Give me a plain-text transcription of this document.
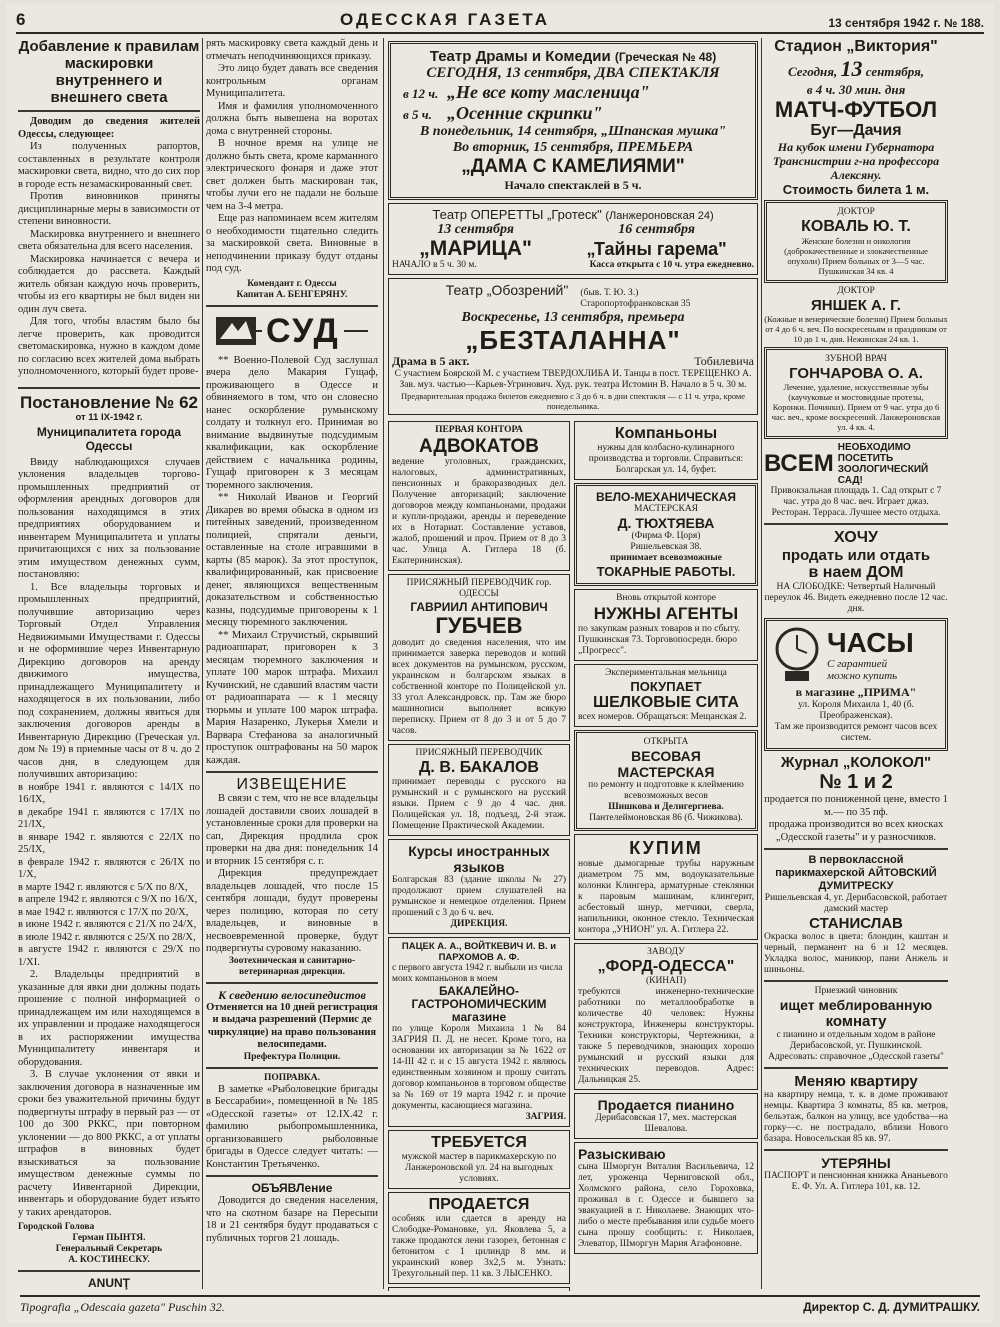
6	ОДЕССКАЯ ГАЗЕТА	13 сентября 1942 г. № 188.
Добавление к правилам маскировки внутреннего и внешнего света

Доводим до сведения жителей Одессы, следующее:

Из полученных рапортов, составленных в результате контроля маскировки света, видно, что до сих пор в городе есть незамаскированный свет.

Против виновников приняты дисциплинарные меры в зависимости от степени виновности.

Маскировка внутреннего и внешнего света обязательна для всего населения.

Маскировка начинается с вечера и соблюдается до рассвета. Каждый житель обязан каждую ночь проверить, чтобы из его квартиры не был виден ни один луч света.

Для того, чтобы властям было бы легче проверить, как проводится светомаскировка, нужно в каждом доме по согласию всех жителей дома выбрать уполномоченного, который будет прове-

Постановление № 62
от 11 IX-1942 г.
Муниципалитета города Одессы

Ввиду наблюдающихся случаев уклонения владельцев торгово-промышленных предприятий от оформления арендных договоров для пользования находящимся в этих предприятиях оборудованием и инвентарем Муниципалитета и уплаты причитающихся с них за пользование этим имуществом денежных сумм, постановляю:

1. Все владельцы торговых и промышленных предприятий, получившие авторизацию через Торговый Отдел Управления Недвижимыми Имуществами г. Одессы и не оформившие через Инвентарную Дирекцию договоров на аренду движимого имущества, принадлежащего Муниципалитету и находящегося в их пользовании, либо под сохранением, должны явиться для заключения договоров аренды в Инвентарную Дирекцию (Греческая ул. дом № 19) в приемные часы от 8 ч. до 2 часов дня, в следующем для получивших авторизацию:

в ноябре 1941 г. являются с 14/IX по 16/IX,

в декабре 1941 г. являются с 17/IX по 21/IX,

в январе 1942 г. являются с 22/IX по 25/IX,

в феврале 1942 г. являются с 26/IX по 1/X,

в марте 1942 г. являются с 5/X по 8/X,

в апреле 1942 г. являются с 9/X по 16/X,

в мае 1942 г. являются с 17/X по 20/X,

в июне 1942 г. являются с 21/X по 24/X,

в июле 1942 г. являются с 25/X по 28/X,

в августе 1942 г. являются с 29/X по 1/XI.

2. Владельцы предприятий в указанные для явки дни должны подать прошение с полной информацией о принадлежащем им или находящемся в их управлении и продаже находящегося в их распоряжении имущества Муниципалитету инвентаря и оборудования.

3. В случае уклонения от явки и заключения договора в назначенные им сроки без уважительной причины будут подвергнуты штрафу в первый раз — от 100 до 300 РККС, при повторном уклонении — до 800 РККС, а от уплаты штрафов в виновных будет взыскиваться за пользование имуществом денежные суммы по расчету Инвентарной Дирекции, инвентарь и оборудование будет изъято у таких арендаторов.

Городской Голова
Герман ПЫНТЯ.
Генеральный Секретарь
А. КОСТИНЕСКУ.
ANUNŢ

рять маскировку света каждый день и отмечать неподчиняющихся приказу.

Это лицо будет давать все сведения контрольным органам Муниципалитета.

Имя и фамилия уполномоченного должна быть вывешена на воротах дома с внутренней стороны.

В ночное время на улице не должно быть света, кроме карманного электрического фонаря и даже этот свет должен быть маскирован так, чтобы лучи его не падали не больше чем на 3-4 метра.

Еще раз напоминаем всем жителям о необходимости тщательно следить за маскировкой света. Виновные в неподчинении приказу будут отданы под суд.

Комендант г. Одессы
Капитан А. БЕНГЕРЯНУ.
СУД

** Военно-Полевой Суд заслушал вчера дело Макария Гущаф, проживающего в Одессе и обвиняемого в том, что он словесно нанес оскорбление румынскому солдату и толкнул его. Принимая во внимание выдвинутые подсудимым квалификации, как оскорбление действием с начальника родины, Гущаф приговорен к 3 месяцам тюремного заключения.

** Николай Иванов и Георгий Дикарев во время обыска в одном из питейных заведений, произведенном полицией, спрятали деньги, оставленные на столе игравшими в карты (85 марок). За этот проступок, квалифицированный, как присвоение денег, являющихся вещественным доказательством и собственностью казны, подсудимые приговорены к 1 месяцу тюремного заключения.

** Михаил Стручистый, скрывший радиоаппарат, приговорен к 3 месяцам тюремного заключения и уплате 100 марок штрафа. Михаил Кучинский, не сдавший властям части от радиоаппарата — к 1 месяцу тюрьмы и уплате 100 марок штрафа. Мария Назаренко, Лукерья Хмели и Варвара Стефанова за аналогичный проступок оштрафованы на 50 марок каждая.

ИЗВЕЩЕНИЕ

В связи с тем, что не все владельцы лошадей доставили своих лошадей в установленные сроки для проверки на сап, Дирекция продлила срок проверки на два дня: понедельник 14 и вторник 15 сентября с. г.

Дирекция предупреждает владельцев лошадей, что после 15 сентября лошади, будут проверены через полицию, которая по сету владельцев, и виновные в несвоевременной проверке, будут подвергнуты суровому наказанию.

Зоотехническая и санитарно-ветеринарная дирекция.
К сведению велосипедистов

Отменяется на 10 дней регистрация и выдача разрешений (Пермис де чиркуляцие) на право пользования велосипедами.

Префектура Полиции.
ПОПРАВКА.

В заметке «Рыболовецкие бригады в Бессарабии», помещенной в № 185 «Одесской газеты» от 12.IX.42 г. фамилию рыбопромышленника, организовавшего рыболовные бригады в Одессе следует читать: — Константин Третьяченко.

ОБЪЯВЛение

Доводится до сведения населения, что на скотном базаре на Пересыпи 18 и 21 сентября будут продаваться с публичных торгов 21 лошадь.

Театр Драмы и Комедии (Греческая № 48)
СЕГОДНЯ, 13 сентября, ДВА СПЕКТАКЛЯ
в 12 ч. „Не все коту масленица"
в 5 ч. „Осенние скрипки"
В понедельник, 14 сентября, „Шпанская мушка"
Во вторник, 15 сентября, ПРЕМЬЕРА
„ДАМА С КАМЕЛИЯМИ"
Начало спектаклей в 5 ч.
Театр ОПЕРЕТТЫ „Гротеск" (Ланжероновская 24)
13 сентября
„МАРИЦА"
16 сентября
„Тайны гарема"
НАЧАЛО в 5 ч. 30 м.	Касса открыта с 10 ч. утра ежедневно.
Театр „Обозрений" (быв. Т. Ю. З.) Старопортофранковская 35
Воскресенье, 13 сентября, премьера
„БЕЗТАЛАННА"
Драма в 5 акт.	Тобилевича

С участием Боярской М. с участием ТВЕРДОХЛИБА И. Танцы в пост. ТЕРЕЩЕНКО А. Зав. муз. частью—Карьев-Угринович. Худ. рук. театра Истомин В. Начало в 5 ч. 30 м.

Предварительная продажа билетов ежедневно с 3 до 6 ч. в дни спектакля — с 11 ч. утра, кроме понедельника.

ПЕРВАЯ КОНТОРА
АДВОКАТОВ

ведение уголовных, гражданских, налоговых, административных, пенсионных и бракоразводных дел. Получение авторизаций; заключение договоров между компаньонами, продажи и купли-продажи, аренды и переведение их в Нотариат. Составление уставов, жалоб, прошений и проч. Прием от 8 до 3 час. Улица А. Гитлера 18 (б. Екатерининская).

ПРИСЯЖНЫЙ ПЕРЕВОДЧИК гор. ОДЕССЫ
ГАВРИИЛ АНТИПОВИЧ
ГУБЧЕВ

доводит до сведения населения, что им принимается заверка переводов и копий всех документов на румынском, русском, украинском и болгарском языках в собственной конторе по Полицейской ул. 33 угол Александровск. пр. Там же бюро машинописи выполняет всякую переписку. Прием от 8 до 3 и от 5 до 7 часов.

ПРИСЯЖНЫЙ ПЕРЕВОДЧИК
Д. В. БАКАЛОВ

принимает переводы с русского на румынский и с румынского на русский языки. Прием с 9 до 4 час. дня. Полицейская ул. 18, подъезд, 2-й этаж. Помещение Практической Академии.

Курсы иностранных языков

Болгарская 83 (здание школы № 27) продолжают прием слушателей на румынское и немецкое отделения. Прием прошений с 3 до 6 ч. веч.

ДИРЕКЦИЯ.
ПАЦЕК А. А., ВОЙТКЕВИЧ И. В. и ПАРХОМОВ А. Ф.

с первого августа 1942 г. выбыли из числа моих компаньонов в моем

БАКАЛЕЙНО-ГАСТРОНОМИЧЕСКИМ магазине

по улице Короля Михаила 1 № 84 ЗАГРИЯ П. Д. не несет. Кроме того, на основании их авторизации за № 1622 от 14-III 42 г. и с 15 августа 1942 г. являюсь единственным хозяином и прошу считать договор компаньонов в торговом обществе за № 169 от 19 марта 1942 г. и прочие документы, касающиеся магазина.

ЗАГРИЯ.
ТРЕБУЕТСЯ

мужской мастер в парикмахерскую по Ланжероновской ул. 24 на выгодных условиях.

ПРОДАЕТСЯ

особняк или сдается в аренду на Слободке-Романовке, ул. Яковлева 5, а также продаются лени газорез, бетонная с бетонитом с 1 цилиндр 8 мм. и украинский ковер 3х2,5 м. Узнать: Трехугольный пер. 11 кв. 3 ЛЫСЕНКО.

Компаньоны

нужны для колбасно-кулинарного производства и торговли. Справиться: Болгарская ул. 14, буфет.

ВЕЛО-МЕХАНИЧЕСКАЯ
МАСТЕРСКАЯ
Д. ТЮХТЯЕВА
(Фирма Ф. Цоря)
Ришельевская 38.
принимает всевозможные
ТОКАРНЫЕ РАБОТЫ.
Вновь открытой конторе
НУЖНЫ АГЕНТЫ

по закупкам разных товаров и по сбыту. Пушкинская 73. Торговопосредн. бюро „Прогресс".

Экспериментальная мельница
ПОКУПАЕТ
ШЕЛКОВЫЕ СИТА

всех номеров. Обращаться: Мещанская 2.

ОТКРЫТА
ВЕСОВАЯ МАСТЕРСКАЯ

по ремонту и подготовке к клеймению всевозможных весов

Шишкова и Делигергиева.

Пантелеймоновская 86 (б. Чижикова).

КУПИМ

новые дымогарные трубы наружным диаметром 75 мм, водоуказательные колонки Клингера, арматурные стеклянки к паровым машинам, клингерит, асбестовый шнур, метчики, сверла, напильники, оконное стекло. Техническая контора „УНИОН" ул. А. Гитлера 22.

ЗАВОДУ
„ФОРД-ОДЕССА"
(КИНАП)

требуются инженерно-технические работники по металлообработке в количестве 40 человек: Нужны конструктора, Инженеры конструкторы. Техники конструкторы, Чертежники, а также 5 переводчиков, знающих хорошо румынский и русский языки для технических переводов. Адрес: Дальницкая 25.

Продается пианино

Дерибасовская 17, мех. мастерская Шевалова.

Разыскиваю

сына Шморгун Виталия Васильевича, 12 лет, уроженца Черниговской обл., Холмского района, село Гороховка, проживал в г. Одессе и бывшего за эвакуацией в г. Николаеве. Знающих что-либо о месте пребывания или судьбе моего сына прошу сообщить: г. Николаев, Элеватор, Шморгун Мария Агафоновне.

Стадион „Виктория"
Сегодня, 13 сентября,
в 4 ч. 30 мин. дня
МАТЧ-ФУТБОЛ
Буг—Дачия

На кубок имени Губернатора Транснистрии г-на профессора Алексяну.

Стоимость билета 1 м.
ДОКТОР
КОВАЛЬ Ю. Т.

Женские болезни и онкология (доброкачественные и злокачественные опухоли) Прием больных от 3—5 час. Пушкинская 34 кв. 4

ДОКТОР
ЯНШЕК А. Г.

(Кожные и венерические болезни) Прием больных от 4 до 6 ч. веч. По воскресеньям и праздникам от 10 до 1 ч. дня. Нежинская 24 кв. 1.

ЗУБНОЙ ВРАЧ
ГОНЧАРОВА О. А.

Лечение, удаление, искусственные зубы (каучуковые и мостовидные протезы, Коронки. Починки). Прием от 9 час. утра до 6 час. веч., кроме воскресений. Ланжероновская ул. 4 кв. 4.

ВСЕМ
НЕОБХОДИМО ПОСЕТИТЬ ЗООЛОГИЧЕСКИЙ САД!

Привокзальная площадь 1. Сад открыт с 7 час. утра до 8 час. веч. Играет джаз. Ресторан. Терраса. Лучшее место отдыха.

ХОЧУ
продать или отдать
в наем ДОМ

НА СЛОБОДКЕ: Четвертый Наличный переулок 46. Видеть ежедневно после 12 час. дня.

ЧАСЫ
С гарантией
можно купить
в магазине „ПРИМА"

ул. Короля Михаила 1, 40 (б. Преображенская).

Там же производится ремонт часов всех систем.

Журнал „КОЛОКОЛ"
№ 1 и 2

продается по пониженной цене, вместо 1 м.— по 35 пф.

продажа производится во всех киосках „Одесской газеты" и у разносчиков.

В первоклассной парикмахерской АЙТОВСКИЙ ДУМИТРЕСКУ

Ришельевская 4, уг. Дерибасовской, работает дамский мастер

СТАНИСЛАВ

Окраска волос в цвета: блондин, каштан и черный, перманент на 6 и 12 месяцев. Укладка волос, маникюр, пани Анжель и шиньоны.

Приезжий чиновник
ищет меблированную
комнату

с пианино и отдельным ходом в районе Дерибасовской, уг. Пушкинской. Адресовать: справочное „Одесской газеты"

Меняю квартиру

на квартиру немца, т. к. в доме проживают немцы. Квартира 3 комнаты, 85 кв. метров, бельэтаж, балкон на улицу, все удобства—на горку—с. не пострадало, вблизи Нового базара. Новосельская 85 кв. 97.

УТЕРЯНЫ

ПАСПОРТ и пенсионная книжка Ананьевого Е. Ф. Ул. А. Гитлера 101, кв. 12.

Tipografia „Odescaia gazeta" Puschin 32.	Директор С. Д. ДУМИТРАШКУ.
